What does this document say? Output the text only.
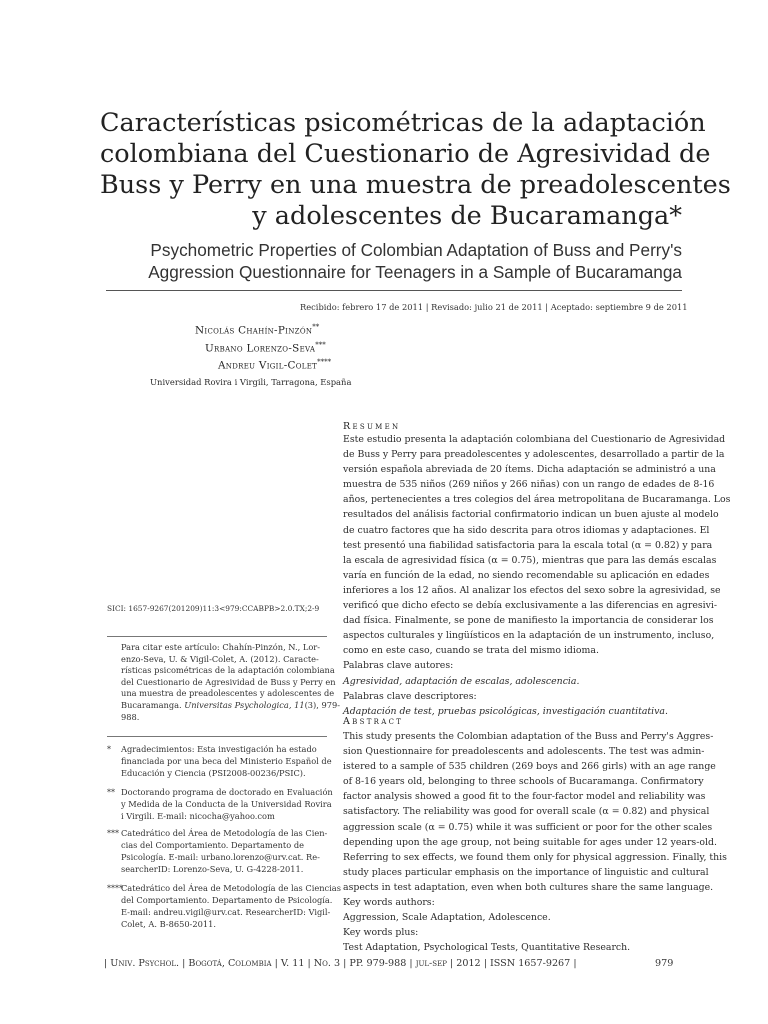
Características psicométricas de la adaptación
colombiana del Cuestionario de Agresividad de
Buss y Perry en una muestra de preadolescentes
y adolescentes de Bucaramanga*
Psychometric Properties of Colombian Adaptation of Buss and Perry's
Aggression Questionnaire for Teenagers in a Sample of Bucaramanga
Recibido: febrero 17 de 2011 | Revisado: julio 21 de 2011 | Aceptado: septiembre 9 de 2011
Nicolás Chahín-Pinzón**
Urbano Lorenzo-Seva***
Andreu Vigil-Colet****
Universidad Rovira i Virgili, Tarragona, España
Resumen
Este estudio presenta la adaptación colombiana del Cuestionario de Agresividad
de Buss y Perry para preadolescentes y adolescentes, desarrollado a partir de la
versión española abreviada de 20 ítems. Dicha adaptación se administró a una
muestra de 535 niños (269 niños y 266 niñas) con un rango de edades de 8-16
años, pertenecientes a tres colegios del área metropolitana de Bucaramanga. Los
resultados del análisis factorial confirmatorio indican un buen ajuste al modelo
de cuatro factores que ha sido descrita para otros idiomas y adaptaciones. El
test presentó una fiabilidad satisfactoria para la escala total (α = 0.82) y para
la escala de agresividad física (α = 0.75), mientras que para las demás escalas
varía en función de la edad, no siendo recomendable su aplicación en edades
inferiores a los 12 años. Al analizar los efectos del sexo sobre la agresividad, se
verificó que dicho efecto se debía exclusivamente a las diferencias en agresivi-
dad física. Finalmente, se pone de manifiesto la importancia de considerar los
aspectos culturales y lingüísticos en la adaptación de un instrumento, incluso,
como en este caso, cuando se trata del mismo idioma.
Palabras clave autores:
Agresividad, adaptación de escalas, adolescencia.
Palabras clave descriptores:
Adaptación de test, pruebas psicológicas, investigación cuantitativa.
Abstract
This study presents the Colombian adaptation of the Buss and Perry's Aggres-
sion Questionnaire for preadolescents and adolescents. The test was admin-
istered to a sample of 535 children (269 boys and 266 girls) with an age range
of 8-16 years old, belonging to three schools of Bucaramanga. Confirmatory
factor analysis showed a good fit to the four-factor model and reliability was
satisfactory. The reliability was good for overall scale (α = 0.82) and physical
aggression scale (α = 0.75) while it was sufficient or poor for the other scales
depending upon the age group, not being suitable for ages under 12 years-old.
Referring to sex effects, we found them only for physical aggression. Finally, this
study places particular emphasis on the importance of linguistic and cultural
aspects in test adaptation, even when both cultures share the same language.
Key words authors:
Aggression, Scale Adaptation, Adolescence.
Key words plus:
Test Adaptation, Psychological Tests, Quantitative Research.
SICI: 1657-9267(201209)11:3<979:CCABPB>2.0.TX;2-9
Para citar este artículo: Chahín-Pinzón, N., Lor-
enzo-Seva, U. & Vigil-Colet, A. (2012). Caracte-
rísticas psicométricas de la adaptación colombiana
del Cuestionario de Agresividad de Buss y Perry en
una muestra de preadolescentes y adolescentes de
Bucaramanga. Universitas Psychologica, 11(3), 979-
988.
* Agradecimientos: Esta investigación ha estado
financiada por una beca del Ministerio Español de
Educación y Ciencia (PSI2008-00236/PSIC).
** Doctorando programa de doctorado en Evaluación
y Medida de la Conducta de la Universidad Rovira
i Virgili. E-mail: nicocha@yahoo.com
*** Catedrático del Área de Metodología de las Cien-
cias del Comportamiento. Departamento de
Psicología. E-mail: urbano.lorenzo@urv.cat. Re-
searcherID: Lorenzo-Seva, U. G-4228-2011.
****
Catedrático del Área de Metodología de las Ciencias
del Comportamiento. Departamento de Psicología.
E-mail: andreu.vigil@urv.cat. ResearcherID: Vigil-
Colet, A. B-8650-2011.
| Univ. Psychol. | Bogotá, Colombia | V. 11 | No. 3 | PP. 979-988 | jul-sep | 2012 | ISSN 1657-9267 |	979
